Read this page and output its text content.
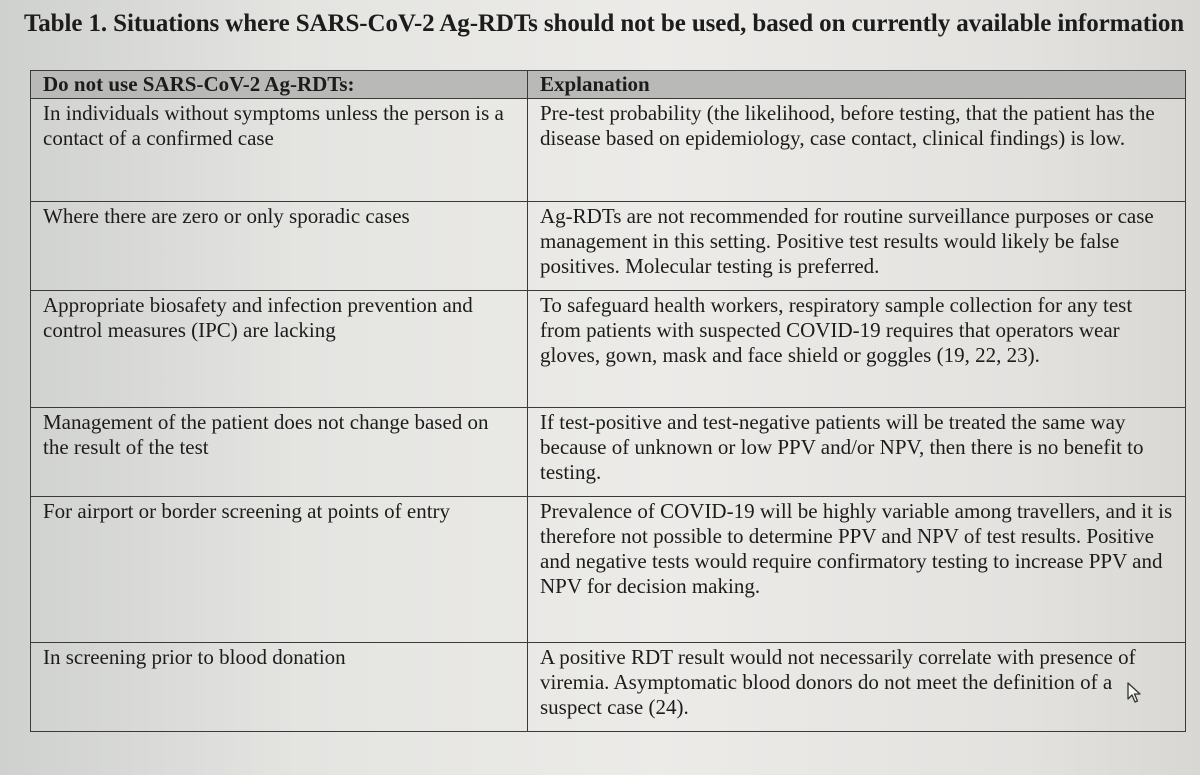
Table 1. Situations where SARS-CoV-2 Ag-RDTs should not be used, based on currently available information
Do not use SARS-CoV-2 Ag-RDTs:	Explanation
In individuals without symptoms unless the person is a contact of a confirmed case	Pre-test probability (the likelihood, before testing, that the patient has the disease based on epidemiology, case contact, clinical findings) is low.
Where there are zero or only sporadic cases	Ag-RDTs are not recommended for routine surveillance purposes or case management in this setting. Positive test results would likely be false positives. Molecular testing is preferred.
Appropriate biosafety and infection prevention and control measures (IPC) are lacking	To safeguard health workers, respiratory sample collection for any test from patients with suspected COVID-19 requires that operators wear gloves, gown, mask and face shield or goggles (19, 22, 23).
Management of the patient does not change based on the result of the test	If test-positive and test-negative patients will be treated the same way because of unknown or low PPV and/or NPV, then there is no benefit to testing.
For airport or border screening at points of entry	Prevalence of COVID-19 will be highly variable among travellers, and it is therefore not possible to determine PPV and NPV of test results. Positive and negative tests would require confirmatory testing to increase PPV and NPV for decision making.
In screening prior to blood donation	A positive RDT result would not necessarily correlate with presence of viremia. Asymptomatic blood donors do not meet the definition of a suspect case (24).
